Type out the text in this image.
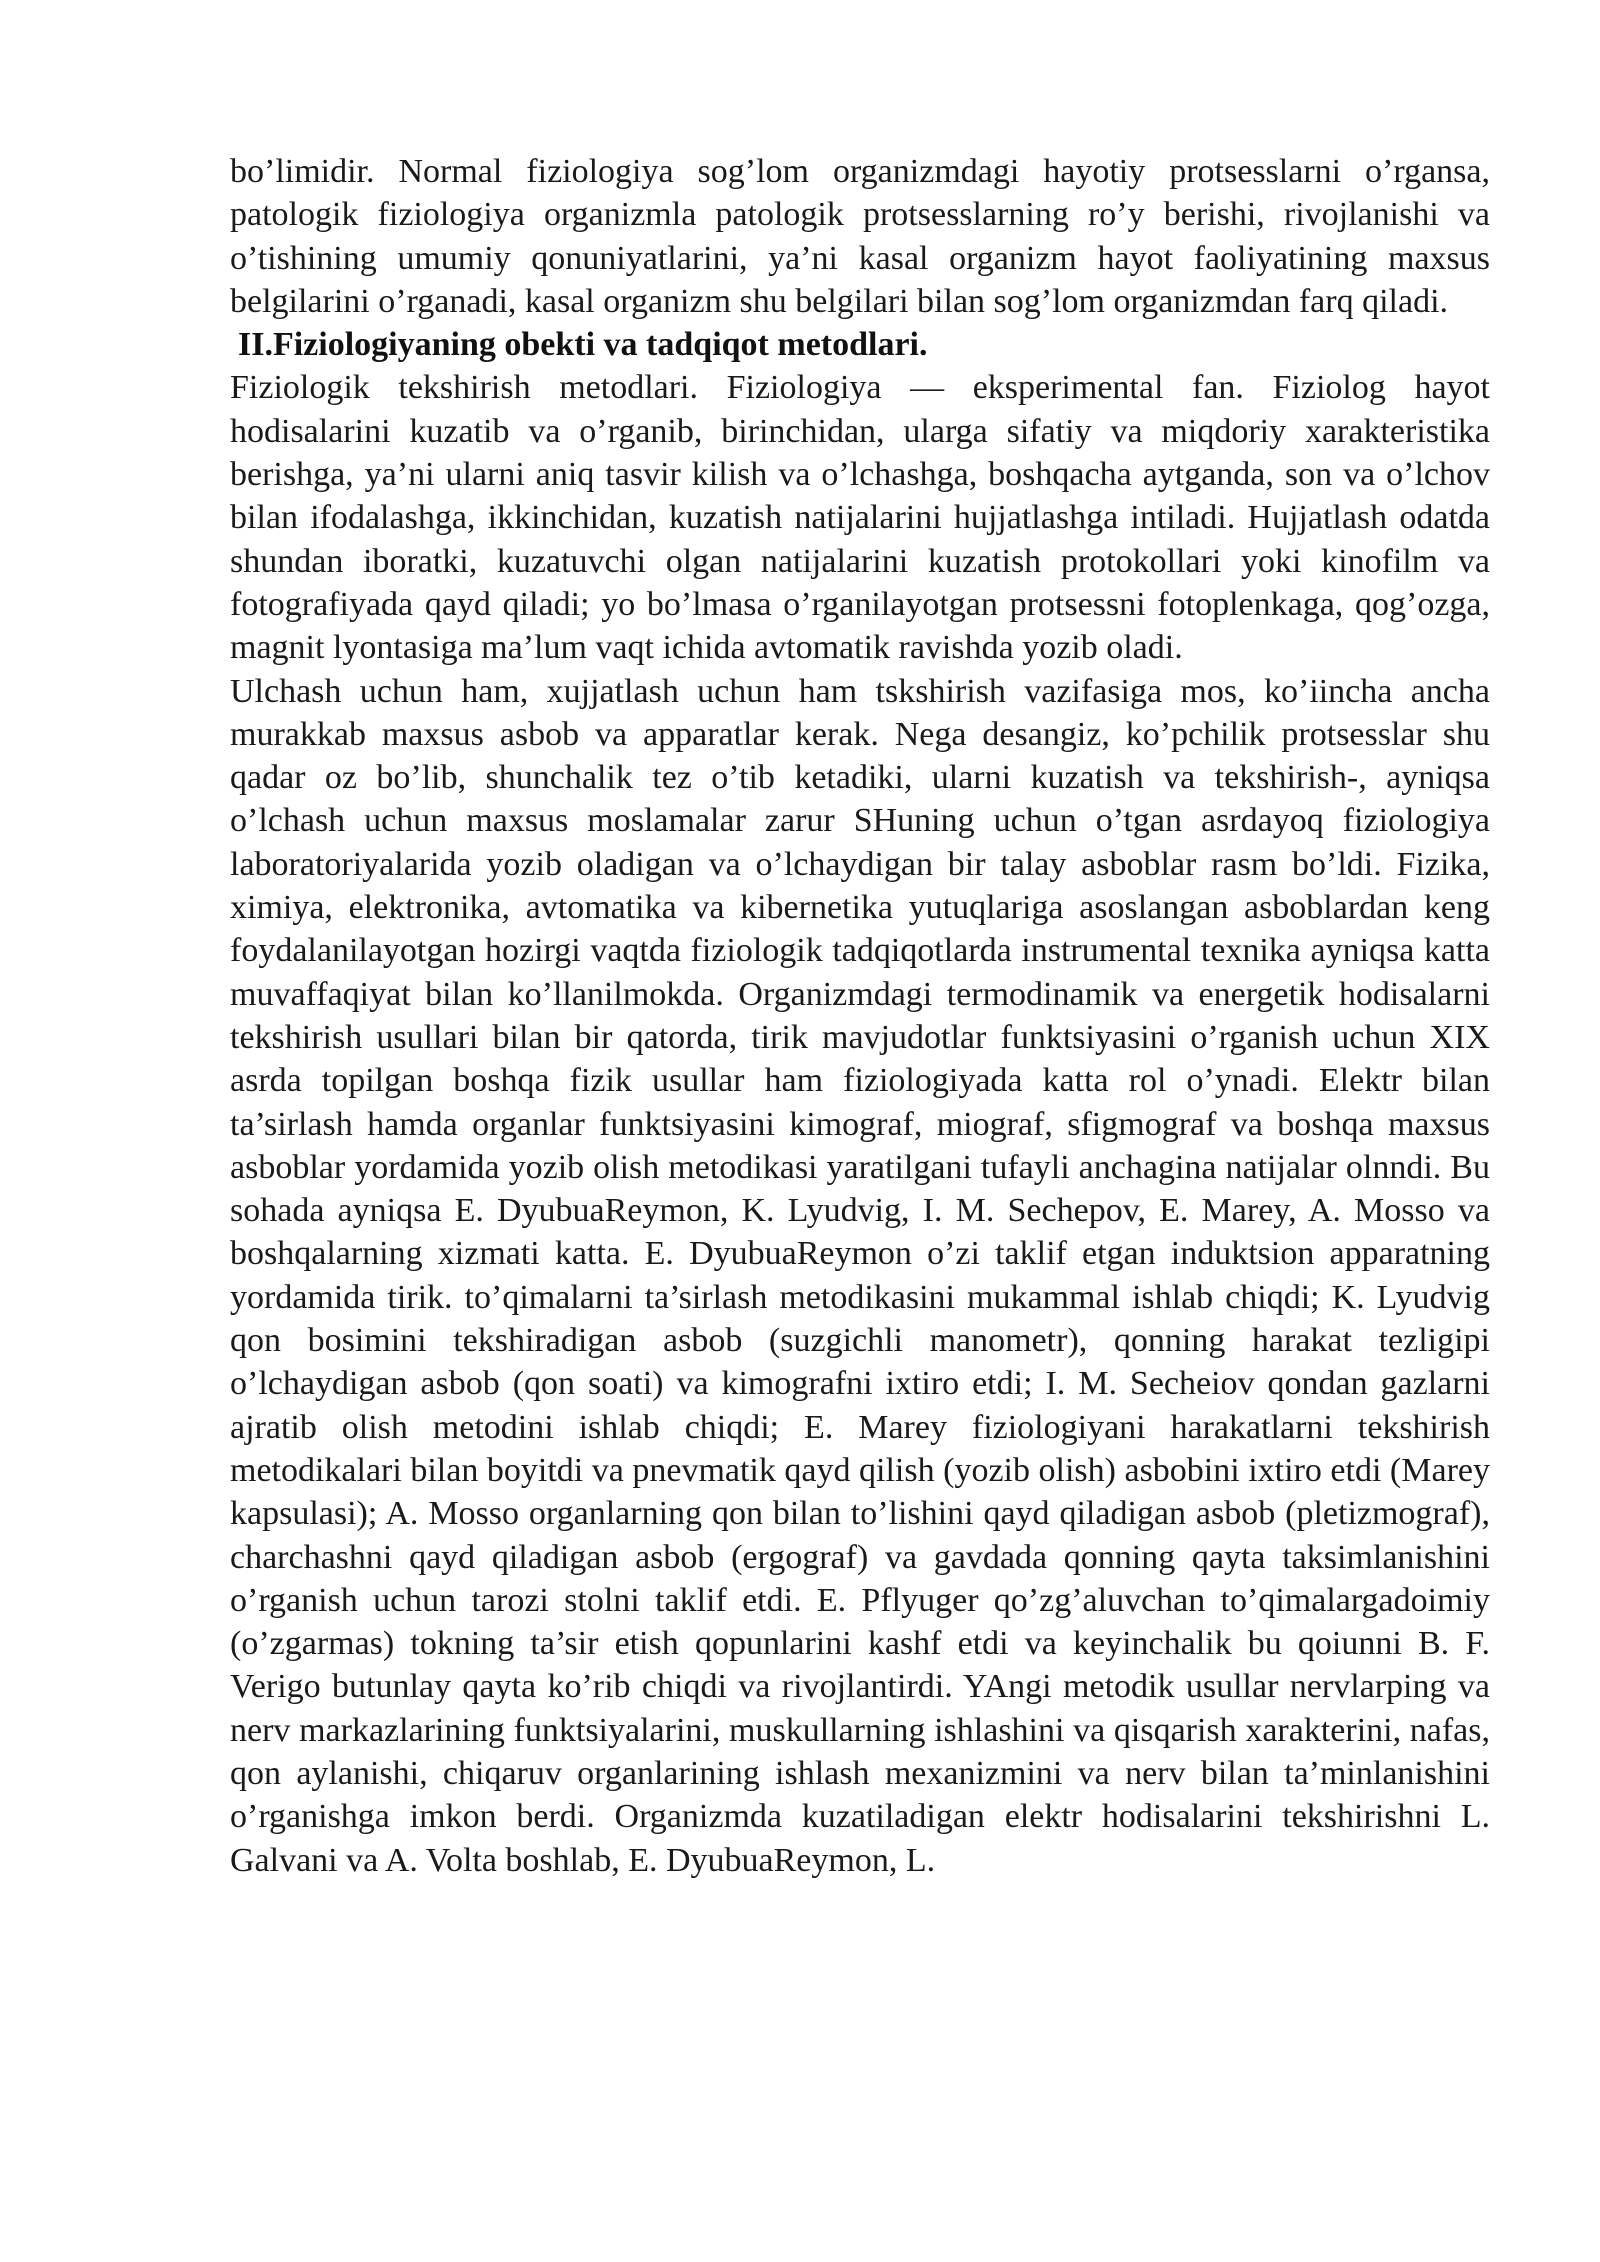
bo’limidir. Normal fiziologiya sog’lom organizmdagi hayotiy protsesslarni o’rgansa, patologik fiziologiya organizmla patologik protsesslarning ro’y berishi, rivojlanishi va o’tishining umumiy qonuniyatlarini, ya’ni kasal organizm hayot faoliyatining maxsus belgilarini o’rganadi, kasal organizm shu belgilari bilan sog’lom organizmdan farq qiladi.

II.Fiziologiyaning obekti va tadqiqot metodlari.

Fiziologik tekshirish metodlari. Fiziologiya — eksperimental fan. Fiziolog hayot hodisalarini kuzatib va o’rganib, birinchidan, ularga sifatiy va miqdoriy xarakteristika berishga, ya’ni ularni aniq tasvir kilish va o’lchashga, boshqacha aytganda, son va o’lchov bilan ifodalashga, ikkinchidan, kuzatish natijalarini hujjatlashga intiladi. Hujjatlash odatda shundan iboratki, kuzatuvchi olgan natijalarini kuzatish protokollari yoki kinofilm va fotografiyada qayd qiladi; yo bo’lmasa o’rganilayotgan protsessni fotoplenkaga, qog’ozga, magnit lyontasiga ma’lum vaqt ichida avtomatik ravishda yozib oladi.

Ulchash uchun ham, xujjatlash uchun ham tskshirish vazifasiga mos, ko’iincha ancha murakkab maxsus asbob va apparatlar kerak. Nega desangiz, ko’pchilik protsesslar shu qadar oz bo’lib, shunchalik tez o’tib ketadiki, ularni kuzatish va tekshirish-, ayniqsa o’lchash uchun maxsus moslamalar zarur SHuning uchun o’tgan asrdayoq fiziologiya laboratoriyalarida yozib oladigan va o’lchaydigan bir talay asboblar rasm bo’ldi. Fizika, ximiya, elektronika, avtomatika va kibernetika yutuqlariga asoslangan asboblardan keng foydalanilayotgan hozirgi vaqtda fiziologik tadqiqotlarda instrumental texnika ayniqsa katta muvaffaqiyat bilan ko’llanilmokda. Organizmdagi termodinamik va energetik hodisalarni tekshirish usullari bilan bir qatorda, tirik mavjudotlar funktsiyasini o’rganish uchun XIX asrda topilgan boshqa fizik usullar ham fiziologiyada katta rol o’ynadi. Elektr bilan ta’sirlash hamda organlar funktsiyasini kimograf, miograf, sfigmograf va boshqa maxsus asboblar yordamida yozib olish metodikasi yaratilgani tufayli anchagina natijalar olnndi. Bu sohada ayniqsa E. DyubuaReymon, K. Lyudvig, I. M. Sechepov, E. Marey, A. Mosso va boshqalarning xizmati katta. E. DyubuaReymon o’zi taklif etgan induktsion apparatning yordamida tirik. to’qimalarni ta’sirlash metodikasini mukammal ishlab chiqdi; K. Lyudvig qon bosimini tekshiradigan asbob (suzgichli manometr), qonning harakat tezligipi o’lchaydigan asbob (qon soati) va kimografni ixtiro etdi; I. M. Secheiov qondan gazlarni ajratib olish metodini ishlab chiqdi; E. Marey fiziologiyani harakatlarni tekshirish metodikalari bilan boyitdi va pnevmatik qayd qilish (yozib olish) asbobini ixtiro etdi (Marey kapsulasi); A. Mosso organlarning qon bilan to’lishini qayd qiladigan asbob (pletizmograf), charchashni qayd qiladigan asbob (ergograf) va gavdada qonning qayta taksimlanishini o’rganish uchun tarozi stolni taklif etdi. E. Pflyuger qo’zg’aluvchan to’qimalargadoimiy (o’zgarmas) tokning ta’sir etish qopunlarini kashf etdi va keyinchalik bu qoiunni B. F. Verigo butunlay qayta ko’rib chiqdi va rivojlantirdi. YAngi metodik usullar nervlarping va nerv markazlarining funktsiyalarini, muskullarning ishlashini va qisqarish xarakterini, nafas, qon aylanishi, chiqaruv organlarining ishlash mexanizmini va nerv bilan ta’minlanishini o’rganishga imkon berdi. Organizmda kuzatiladigan elektr hodisalarini tekshirishni L. Galvani va A. Volta boshlab, E. DyubuaReymon, L.
